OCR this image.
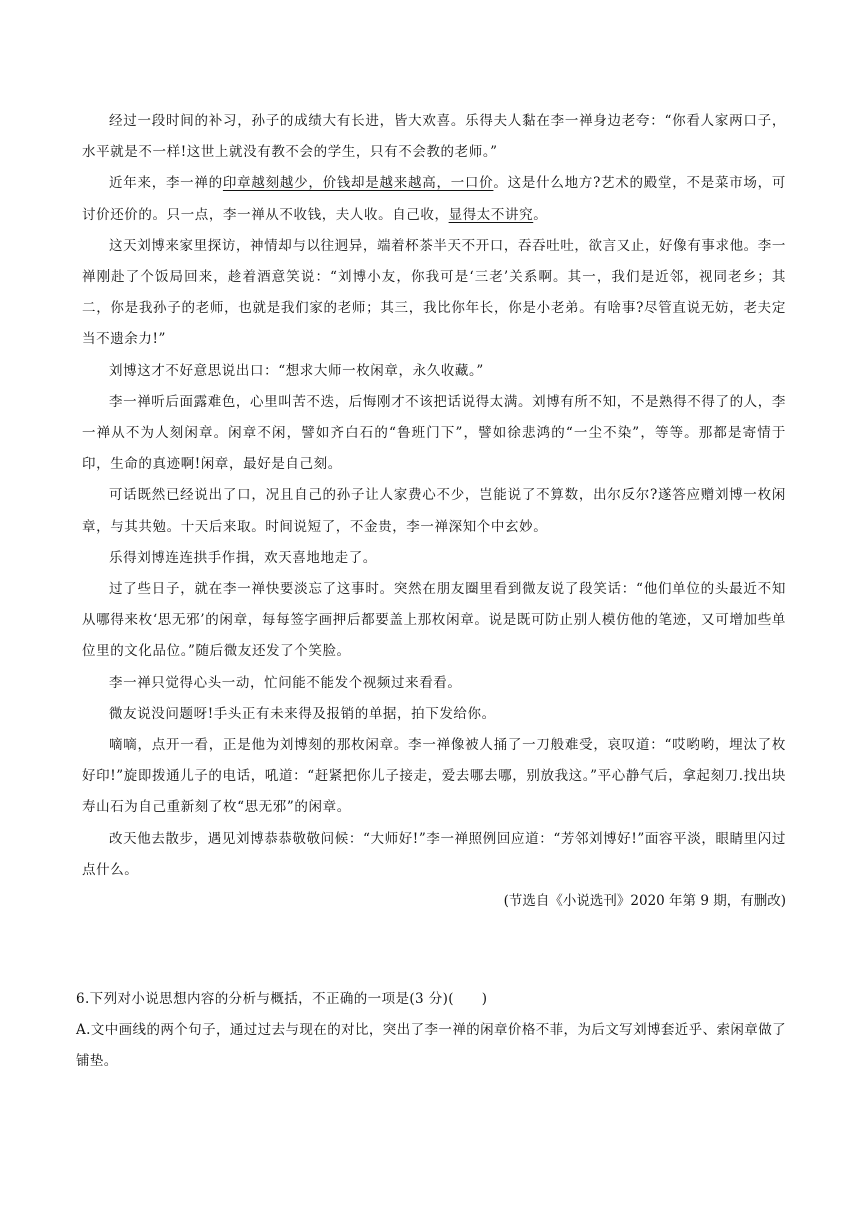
经过一段时间的补习，孙子的成绩大有长进，皆大欢喜。乐得夫人黏在李一禅身边老夸：“你看人家两口子，水平就是不一样!这世上就没有教不会的学生，只有不会教的老师。”

近年来，李一禅的印章越刻越少，价钱却是越来越高，一口价。这是什么地方?艺术的殿堂，不是菜市场，可讨价还价的。只一点，李一禅从不收钱，夫人收。自己收，显得太不讲究。

这天刘博来家里探访，神情却与以往迥异，端着杯茶半天不开口，吞吞吐吐，欲言又止，好像有事求他。李一禅刚赴了个饭局回来，趁着酒意笑说：“刘博小友，你我可是‘三老’关系啊。其一，我们是近邻，视同老乡；其二，你是我孙子的老师，也就是我们家的老师；其三，我比你年长，你是小老弟。有啥事?尽管直说无妨，老夫定当不遗余力!”

刘博这才不好意思说出口：“想求大师一枚闲章，永久收藏。”

李一禅听后面露难色，心里叫苦不迭，后悔刚才不该把话说得太满。刘博有所不知，不是熟得不得了的人，李一禅从不为人刻闲章。闲章不闲，譬如齐白石的“鲁班门下”，譬如徐悲鸿的“一尘不染”，等等。那都是寄情于印，生命的真迹啊!闲章，最好是自己刻。

可话既然已经说出了口，况且自己的孙子让人家费心不少，岂能说了不算数，出尔反尔?遂答应赠刘博一枚闲章，与其共勉。十天后来取。时间说短了，不金贵，李一禅深知个中玄妙。

乐得刘博连连拱手作揖，欢天喜地地走了。

过了些日子，就在李一禅快要淡忘了这事时。突然在朋友圈里看到微友说了段笑话：“他们单位的头最近不知从哪得来枚‘思无邪’的闲章，每每签字画押后都要盖上那枚闲章。说是既可防止别人模仿他的笔迹，又可增加些单位里的文化品位。”随后微友还发了个笑脸。

李一禅只觉得心头一动，忙问能不能发个视频过来看看。

微友说没问题呀!手头正有未来得及报销的单据，拍下发给你。

嘀嘀，点开一看，正是他为刘博刻的那枚闲章。李一禅像被人捅了一刀般难受，哀叹道：“哎哟哟，埋汰了枚好印!”旋即拨通儿子的电话，吼道：“赶紧把你儿子接走，爱去哪去哪，别放我这。”平心静气后，拿起刻刀.找出块寿山石为自己重新刻了枚“思无邪”的闲章。

改天他去散步，遇见刘博恭恭敬敬问候：“大师好!”李一禅照例回应道：“芳邻刘博好!”面容平淡，眼睛里闪过点什么。

(节选自《小说选刊》2020 年第 9 期，有删改)

6.下列对小说思想内容的分析与概括，不正确的一项是(3 分)(　　)

A.文中画线的两个句子，通过过去与现在的对比，突出了李一禅的闲章价格不菲，为后文写刘博套近乎、索闲章做了铺垫。
